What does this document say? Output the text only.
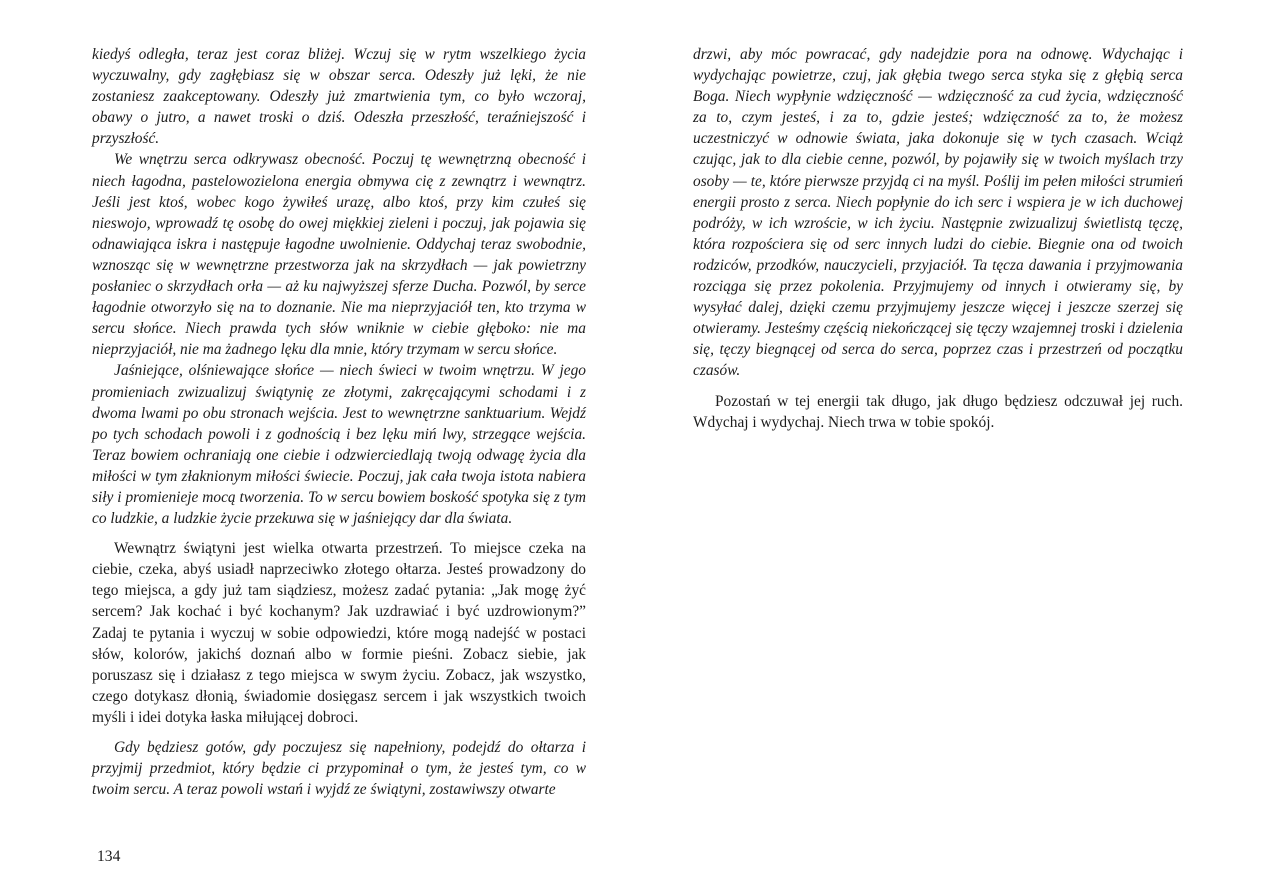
kiedyś odległa, teraz jest coraz bliżej. Wczuj się w rytm wszelkiego życia wyczuwalny, gdy zagłębiasz się w obszar serca. Odeszły już lęki, że nie zostaniesz zaakceptowany. Odeszły już zmartwienia tym, co było wczoraj, obawy o jutro, a nawet troski o dziś. Odeszła przeszłość, teraźniejszość i przyszłość.

We wnętrzu serca odkrywasz obecność. Poczuj tę wewnętrzną obecność i niech łagodna, pastelowozielona energia obmywa cię z zewnątrz i wewnątrz. Jeśli jest ktoś, wobec kogo żywiłeś urazę, albo ktoś, przy kim czułeś się nieswojo, wprowadź tę osobę do owej miękkiej zieleni i poczuj, jak pojawia się odnawiająca iskra i następuje łagodne uwolnienie. Oddychaj teraz swobodnie, wznosząc się w wewnętrzne przestworza jak na skrzydłach — jak powietrzny posłaniec o skrzydłach orła — aż ku najwyższej sferze Ducha. Pozwól, by serce łagodnie otworzyło się na to doznanie. Nie ma nieprzyjaciół ten, kto trzyma w sercu słońce. Niech prawda tych słów wniknie w ciebie głęboko: nie ma nieprzyjaciół, nie ma żadnego lęku dla mnie, który trzymam w sercu słońce.

Jaśniejące, olśniewające słońce — niech świeci w twoim wnętrzu. W jego promieniach zwizualizuj świątynię ze złotymi, zakręcającymi schodami i z dwoma lwami po obu stronach wejścia. Jest to wewnętrzne sanktuarium. Wejdź po tych schodach powoli i z godnością i bez lęku miń lwy, strzegące wejścia. Teraz bowiem ochraniają one ciebie i odzwierciedlają twoją odwagę życia dla miłości w tym złaknionym miłości świecie. Poczuj, jak cała twoja istota nabiera siły i promienieje mocą tworzenia. To w sercu bowiem boskość spotyka się z tym co ludzkie, a ludzkie życie przekuwa się w jaśniejący dar dla świata.

Wewnątrz świątyni jest wielka otwarta przestrzeń. To miejsce czeka na ciebie, czeka, abyś usiadł naprzeciwko złotego ołtarza. Jesteś prowadzony do tego miejsca, a gdy już tam siądziesz, możesz zadać pytania: „Jak mogę żyć sercem? Jak kochać i być kochanym? Jak uzdrawiać i być uzdrowionym?” Zadaj te pytania i wyczuj w sobie odpowiedzi, które mogą nadejść w postaci słów, kolorów, jakichś doznań albo w formie pieśni. Zobacz siebie, jak poruszasz się i działasz z tego miejsca w swym życiu. Zobacz, jak wszystko, czego dotykasz dłonią, świadomie dosięgasz sercem i jak wszystkich twoich myśli i idei dotyka łaska miłującej dobroci.

Gdy będziesz gotów, gdy poczujesz się napełniony, podejdź do ołtarza i przyjmij przedmiot, który będzie ci przypominał o tym, że jesteś tym, co w twoim sercu. A teraz powoli wstań i wyjdź ze świątyni, zostawiwszy otwarte

134

drzwi, aby móc powracać, gdy nadejdzie pora na odnowę. Wdychając i wydychając powietrze, czuj, jak głębia twego serca styka się z głębią serca Boga. Niech wypłynie wdzięczność — wdzięczność za cud życia, wdzięczność za to, czym jesteś, i za to, gdzie jesteś; wdzięczność za to, że możesz uczestniczyć w odnowie świata, jaka dokonuje się w tych czasach. Wciąż czując, jak to dla ciebie cenne, pozwól, by pojawiły się w twoich myślach trzy osoby — te, które pierwsze przyjdą ci na myśl. Poślij im pełen miłości strumień energii prosto z serca. Niech popłynie do ich serc i wspiera je w ich duchowej podróży, w ich wzroście, w ich życiu. Następnie zwizualizuj świetlistą tęczę, która rozpościera się od serc innych ludzi do ciebie. Biegnie ona od twoich rodziców, przodków, nauczycieli, przyjaciół. Ta tęcza dawania i przyjmowania rozciąga się przez pokolenia. Przyjmujemy od innych i otwieramy się, by wysyłać dalej, dzięki czemu przyjmujemy jeszcze więcej i jeszcze szerzej się otwieramy. Jesteśmy częścią niekończącej się tęczy wzajemnej troski i dzielenia się, tęczy biegnącej od serca do serca, poprzez czas i przestrzeń od początku czasów.

Pozostań w tej energii tak długo, jak długo będziesz odczuwał jej ruch. Wdychaj i wydychaj. Niech trwa w tobie spokój.
